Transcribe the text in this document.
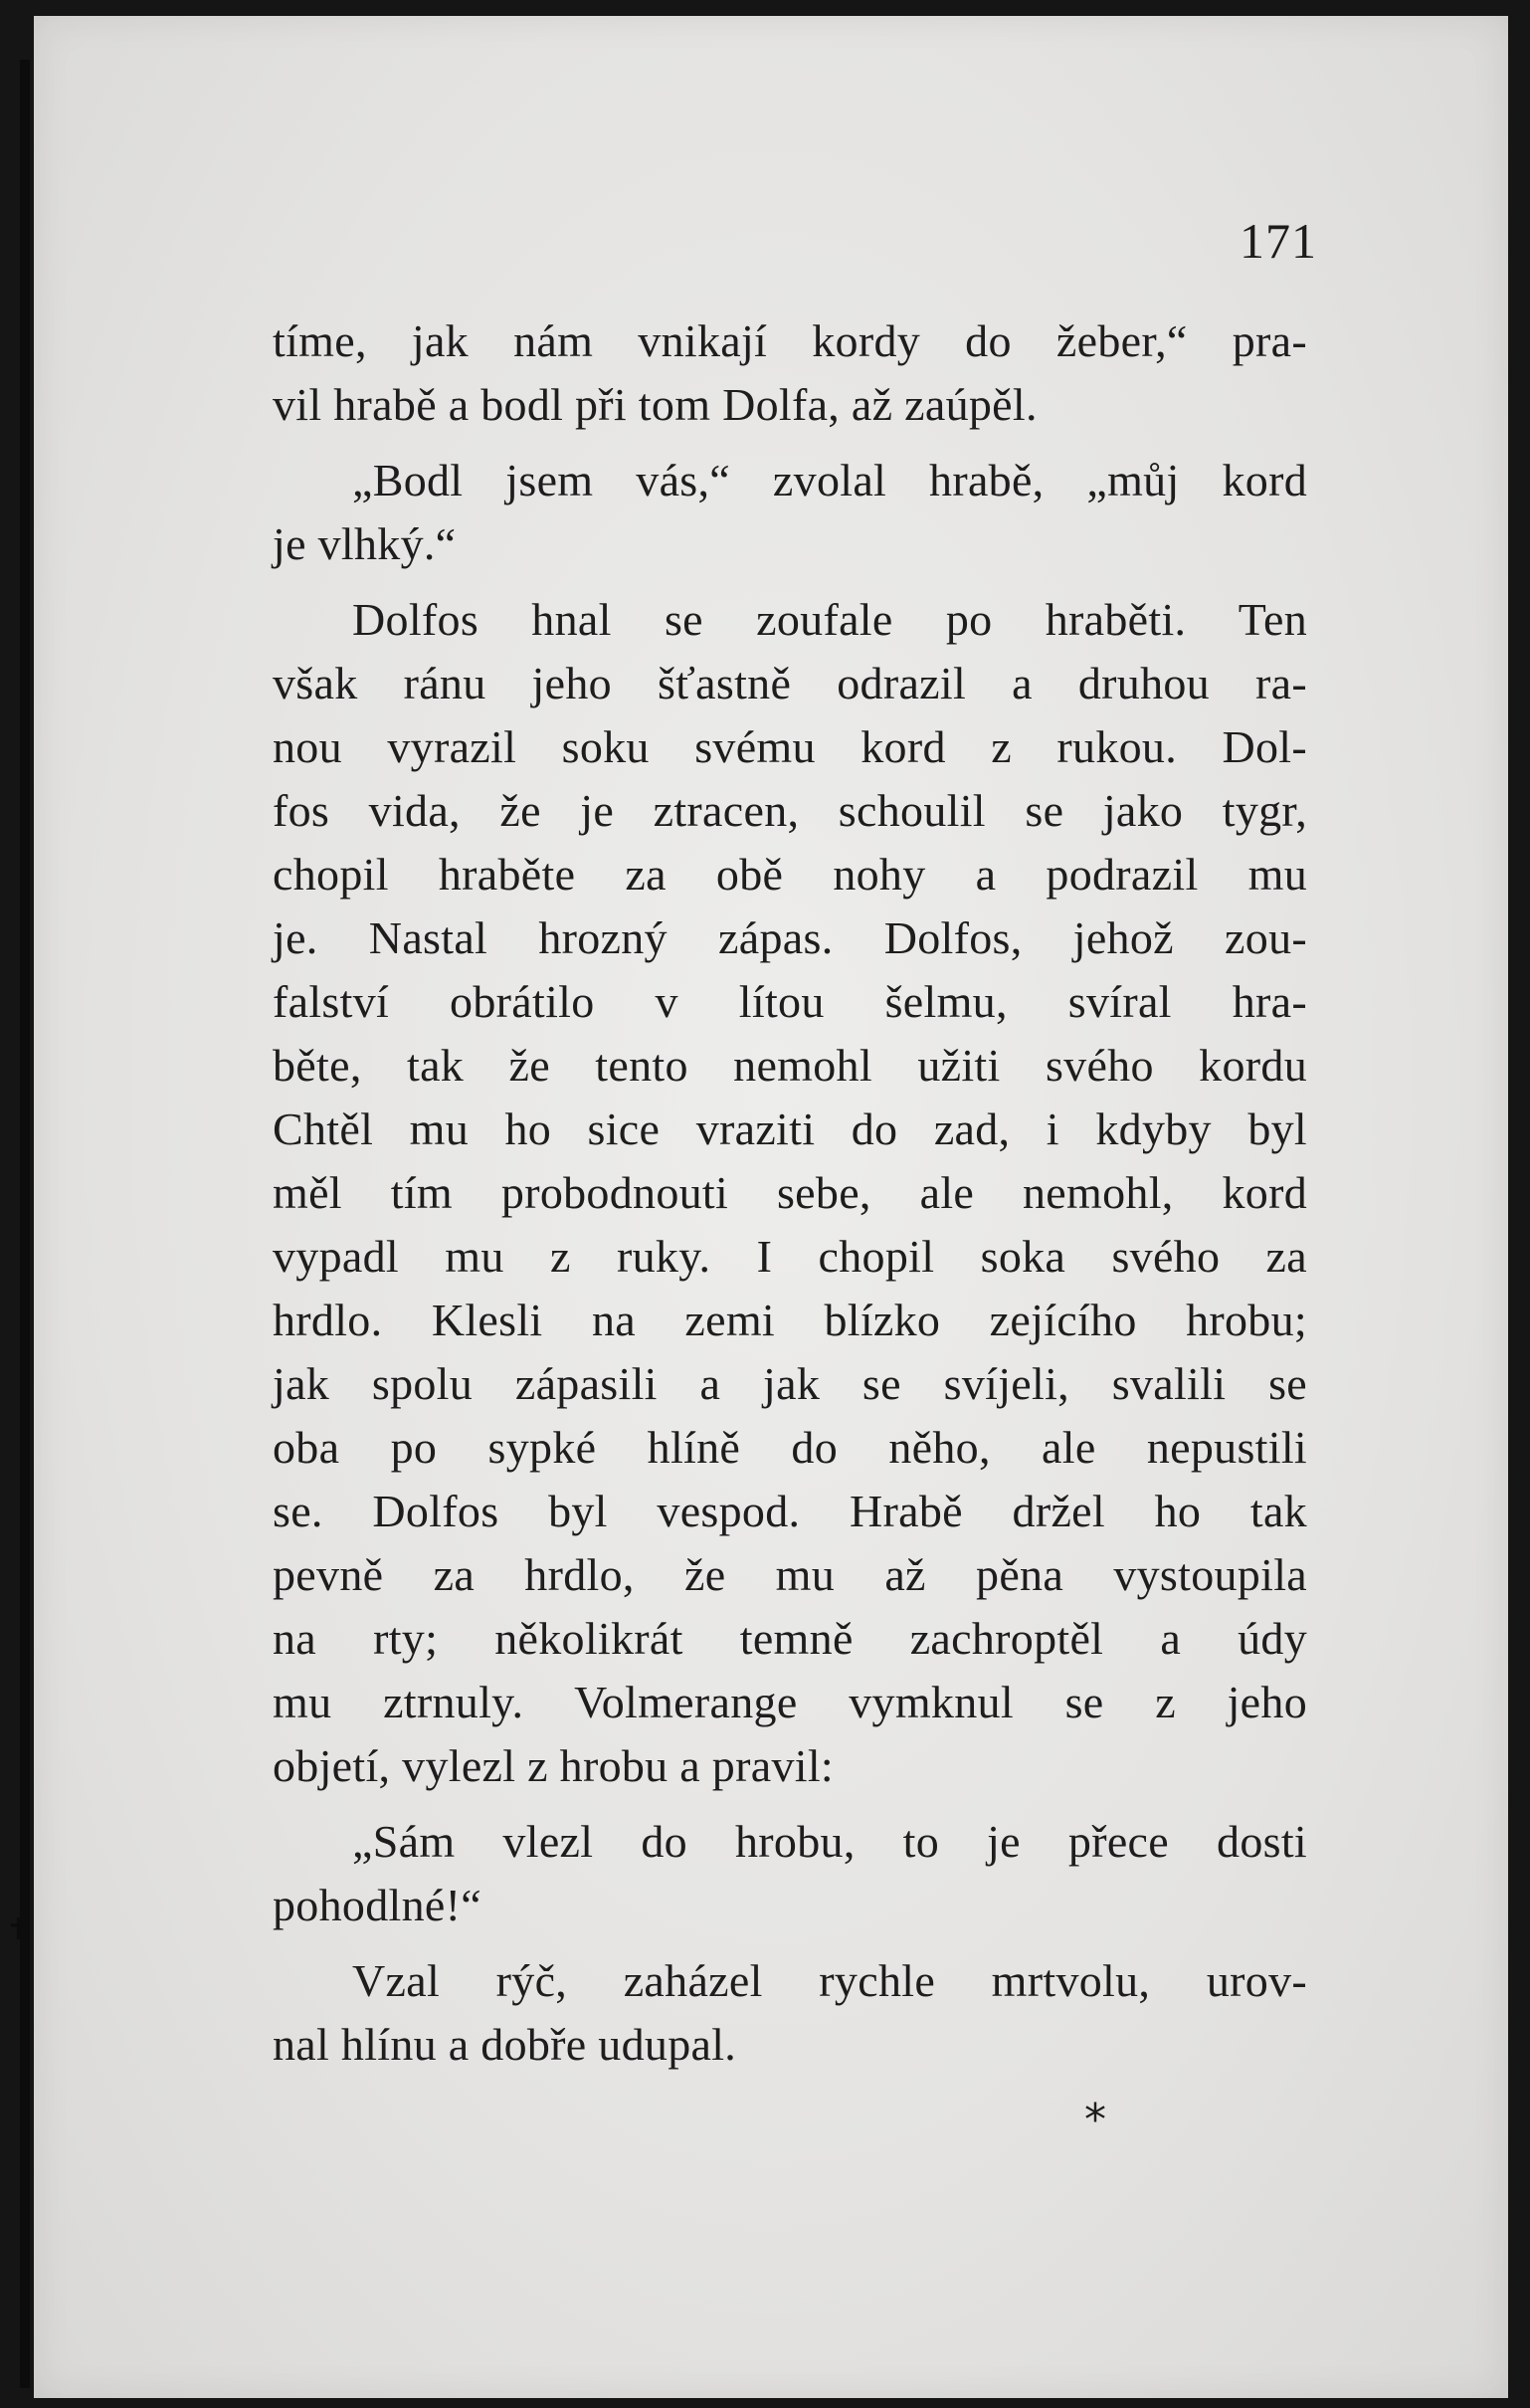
✝
171
tíme, jak nám vnikají kordy do žeber,“ pra-
vil hrabě a bodl při tom Dolfa, až zaúpěl.
„Bodl jsem vás,“ zvolal hrabě, „můj kord
je vlhký.“
Dolfos hnal se zoufale po hraběti. Ten
však ránu jeho šťastně odrazil a druhou ra-
nou vyrazil soku svému kord z rukou. Dol-
fos vida, že je ztracen, schoulil se jako tygr,
chopil hraběte za obě nohy a podrazil mu
je. Nastal hrozný zápas. Dolfos, jehož zou-
falství obrátilo v lítou šelmu, svíral hra-
běte, tak že tento nemohl užiti svého kordu
Chtěl mu ho sice vraziti do zad, i kdyby byl
měl tím probodnouti sebe, ale nemohl, kord
vypadl mu z ruky. I chopil soka svého za
hrdlo. Klesli na zemi blízko zejícího hrobu;
jak spolu zápasili a jak se svíjeli, svalili se
oba po sypké hlíně do něho, ale nepustili
se. Dolfos byl vespod. Hrabě držel ho tak
pevně za hrdlo, že mu až pěna vystoupila
na rty; několikrát temně zachroptěl a údy
mu ztrnuly. Volmerange vymknul se z jeho
objetí, vylezl z hrobu a pravil:
„Sám vlezl do hrobu, to je přece dosti
pohodlné!“
Vzal rýč, zaházel rychle mrtvolu, urov-
nal hlínu a dobře udupal.
*
